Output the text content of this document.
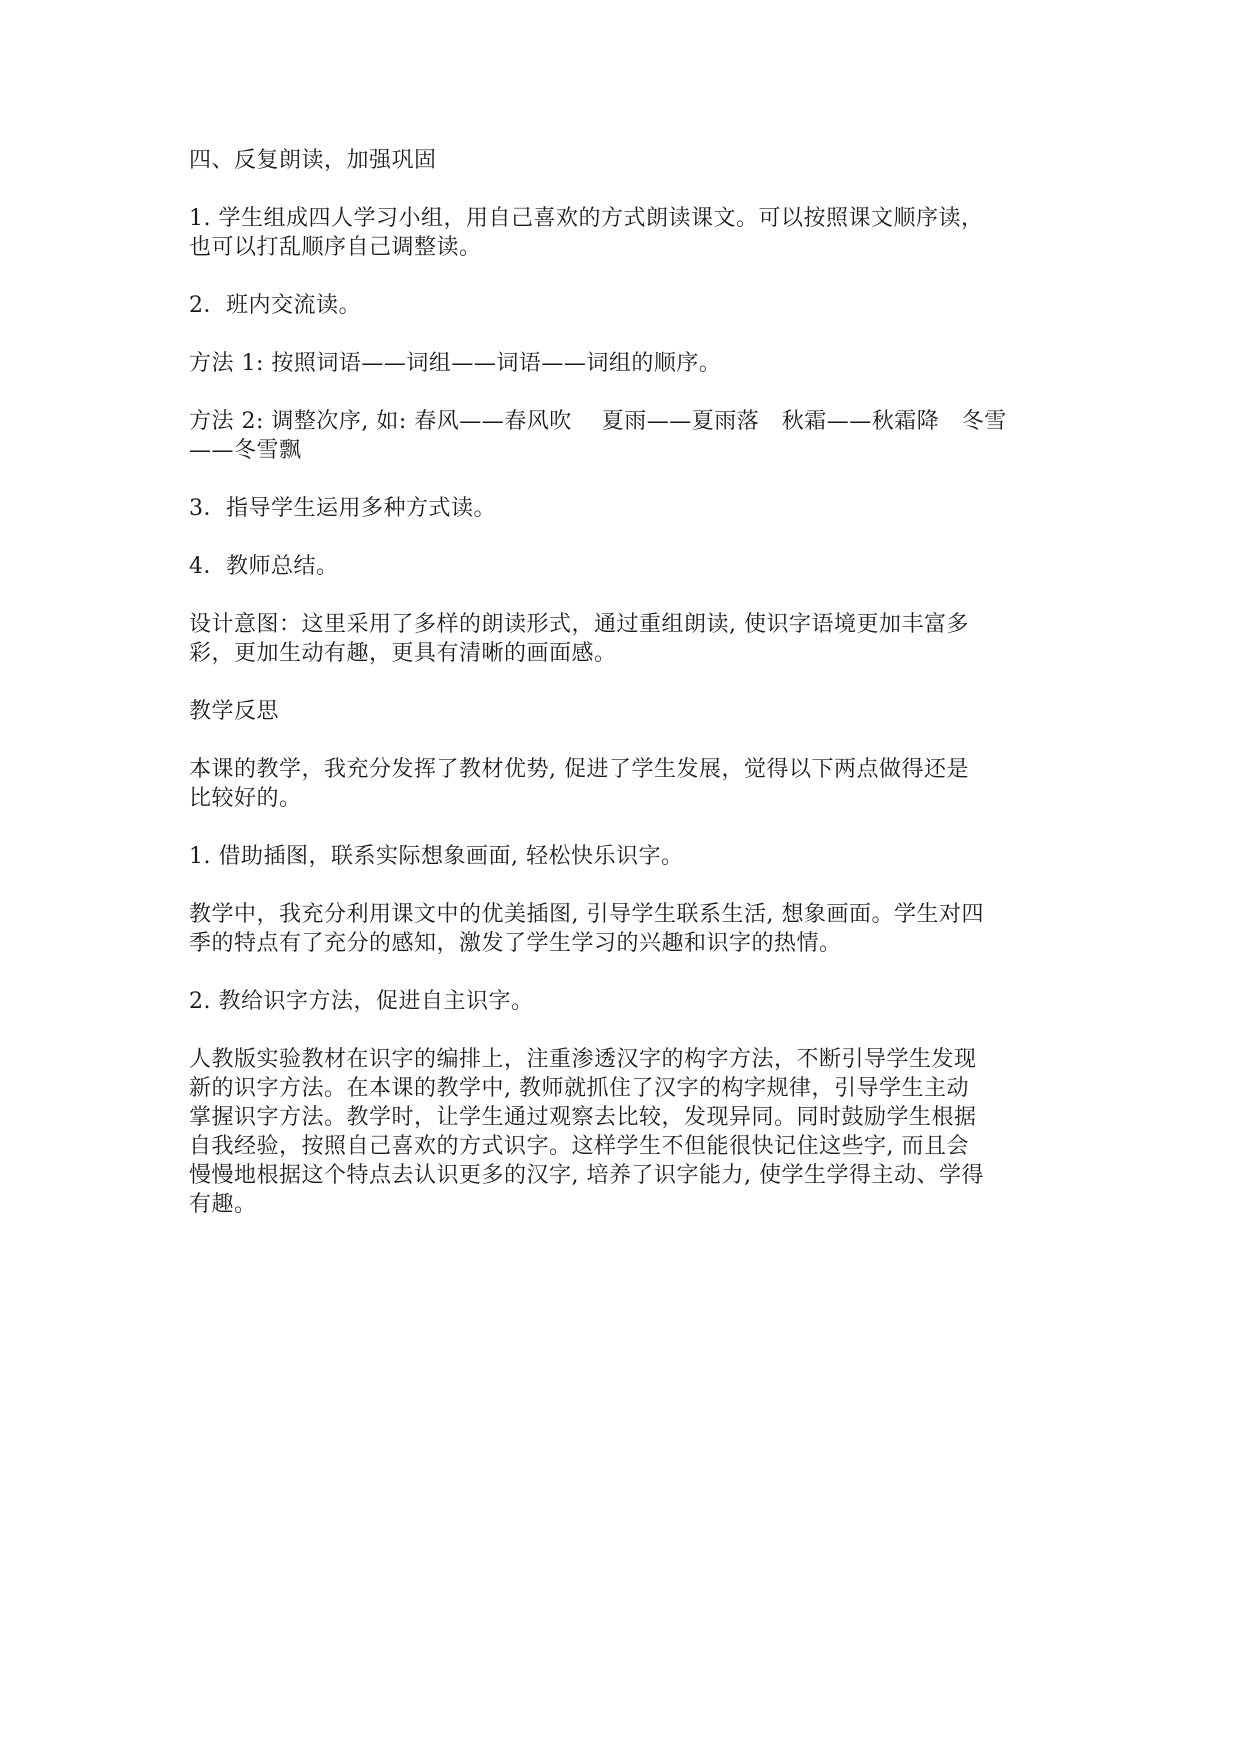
四、反复朗读，加强巩固

1. 学生组成四人学习小组，用自己喜欢的方式朗读课文。可以按照课文顺序读，
也可以打乱顺序自己调整读。

2．班内交流读。

方法 1: 按照词语——词组——词语——词组的顺序。

方法 2: 调整次序, 如: 春风——春风吹　 夏雨——夏雨落　秋霜——秋霜降　冬雪
——冬雪飘

3．指导学生运用多种方式读。

4．教师总结。

设计意图：这里采用了多样的朗读形式，通过重组朗读, 使识字语境更加丰富多
彩，更加生动有趣，更具有清晰的画面感。

教学反思

本课的教学，我充分发挥了教材优势, 促进了学生发展，觉得以下两点做得还是
比较好的。

1. 借助插图，联系实际想象画面, 轻松快乐识字。

教学中，我充分利用课文中的优美插图, 引导学生联系生活, 想象画面。学生对四
季的特点有了充分的感知，激发了学生学习的兴趣和识字的热情。

2. 教给识字方法，促进自主识字。

人教版实验教材在识字的编排上，注重渗透汉字的构字方法，不断引导学生发现
新的识字方法。在本课的教学中, 教师就抓住了汉字的构字规律，引导学生主动
掌握识字方法。教学时，让学生通过观察去比较，发现异同。同时鼓励学生根据
自我经验，按照自己喜欢的方式识字。这样学生不但能很快记住这些字, 而且会
慢慢地根据这个特点去认识更多的汉字, 培养了识字能力, 使学生学得主动、学得
有趣。
